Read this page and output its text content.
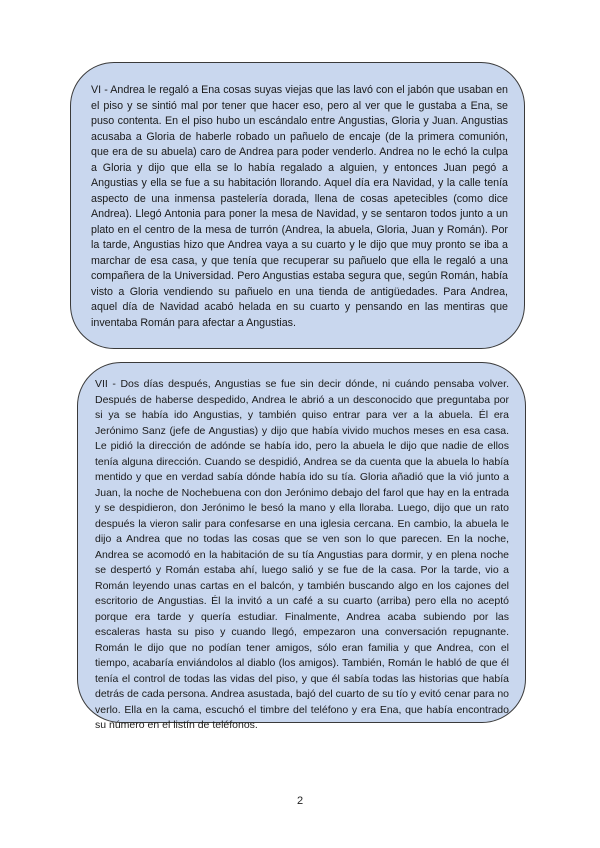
VI - Andrea le regaló a Ena cosas suyas viejas que las lavó con el jabón que usaban en el piso y se sintió mal por tener que hacer eso, pero al ver que le gustaba a Ena, se puso contenta. En el piso hubo un escándalo entre Angustias, Gloria y Juan. Angustias acusaba a Gloria de haberle robado un pañuelo de encaje (de la primera comunión, que era de su abuela) caro de Andrea para poder venderlo. Andrea no le echó la culpa a Gloria y dijo que ella se lo había regalado a alguien, y entonces Juan pegó a Angustias y ella se fue a su habitación llorando. Aquel día era Navidad, y la calle tenía aspecto de una inmensa pastelería dorada, llena de cosas apetecibles (como dice Andrea). Llegó Antonia para poner la mesa de Navidad, y se sentaron todos junto a un plato en el centro de la mesa de turrón (Andrea, la abuela, Gloria, Juan y Román). Por la tarde, Angustias hizo que Andrea vaya a su cuarto y le dijo que muy pronto se iba a marchar de esa casa, y que tenía que recuperar su pañuelo que ella le regaló a una compañera de la Universidad. Pero Angustias estaba segura que, según Román, había visto a Gloria vendiendo su pañuelo en una tienda de antigüedades. Para Andrea, aquel día de Navidad acabó helada en su cuarto y pensando en las mentiras que inventaba Román para afectar a Angustias.

VII - Dos días después, Angustias se fue sin decir dónde, ni cuándo pensaba volver. Después de haberse despedido, Andrea le abrió a un desconocido que preguntaba por si ya se había ido Angustias, y también quiso entrar para ver a la abuela. Él era Jerónimo Sanz (jefe de Angustias) y dijo que había vivido muchos meses en esa casa. Le pidió la dirección de adónde se había ido, pero la abuela le dijo que nadie de ellos tenía alguna dirección. Cuando se despidió, Andrea se da cuenta que la abuela lo había mentido y que en verdad sabía dónde había ido su tía. Gloria añadió que la vió junto a Juan, la noche de Nochebuena con don Jerónimo debajo del farol que hay en la entrada y se despidieron, don Jerónimo le besó la mano y ella lloraba. Luego, dijo que un rato después la vieron salir para confesarse en una iglesia cercana. En cambio, la abuela le dijo a Andrea que no todas las cosas que se ven son lo que parecen. En la noche, Andrea se acomodó en la habitación de su tía Angustias para dormir, y en plena noche se despertó y Román estaba ahí, luego salió y se fue de la casa. Por la tarde, vio a Román leyendo unas cartas en el balcón, y también buscando algo en los cajones del escritorio de Angustias. Él la invitó a un café a su cuarto (arriba) pero ella no aceptó porque era tarde y quería estudiar. Finalmente, Andrea acaba subiendo por las escaleras hasta su piso y cuando llegó, empezaron una conversación repugnante. Román le dijo que no podían tener amigos, sólo eran familia y que Andrea, con el tiempo, acabaría enviándolos al diablo (los amigos). También, Román le habló de que él tenía el control de todas las vidas del piso, y que él sabía todas las historias que había detrás de cada persona. Andrea asustada, bajó del cuarto de su tío y evitó cenar para no verlo. Ella en la cama, escuchó el timbre del teléfono y era Ena, que había encontrado su número en el listín de teléfonos.

2
